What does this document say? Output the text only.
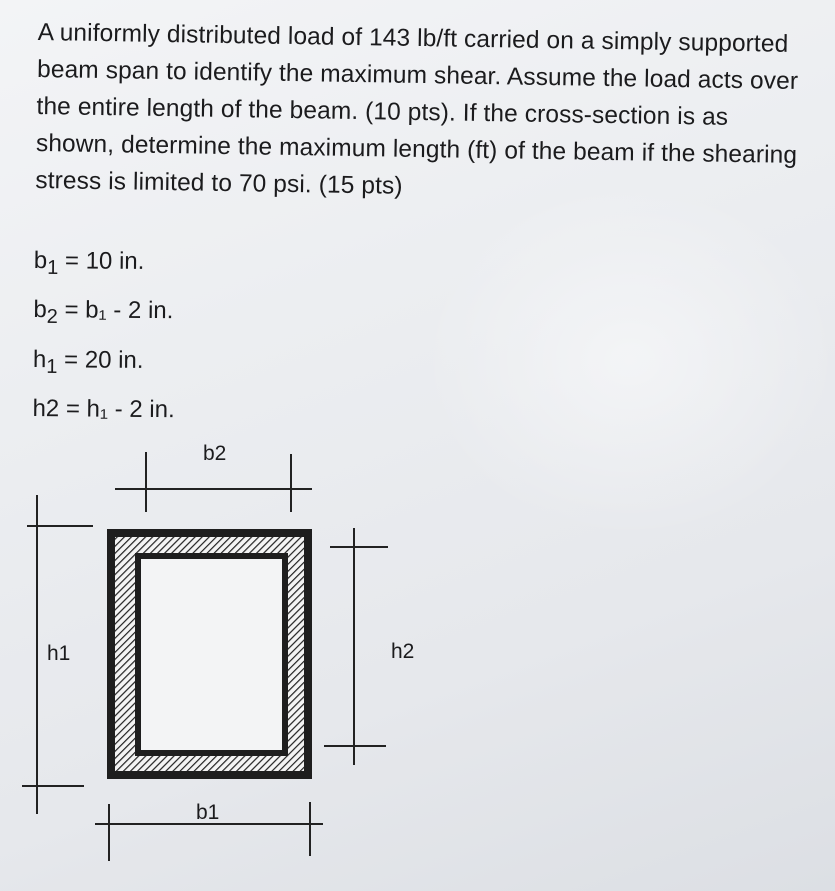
A uniformly distributed load of 143 lb/ft carried on a simply supported beam span to identify the maximum shear. Assume the load acts over the entire length of the beam. (10 pts). If the cross-section is as shown, determine the maximum length (ft) of the beam if the shearing stress is limited to 70 psi. (15 pts)

$b_1 = 10$ in.
$b_2 = b_1 - 2$ in.
$h_1 = 20$ in.
h2 = h₁ - 2 in.
b2
h1	h2
b1
